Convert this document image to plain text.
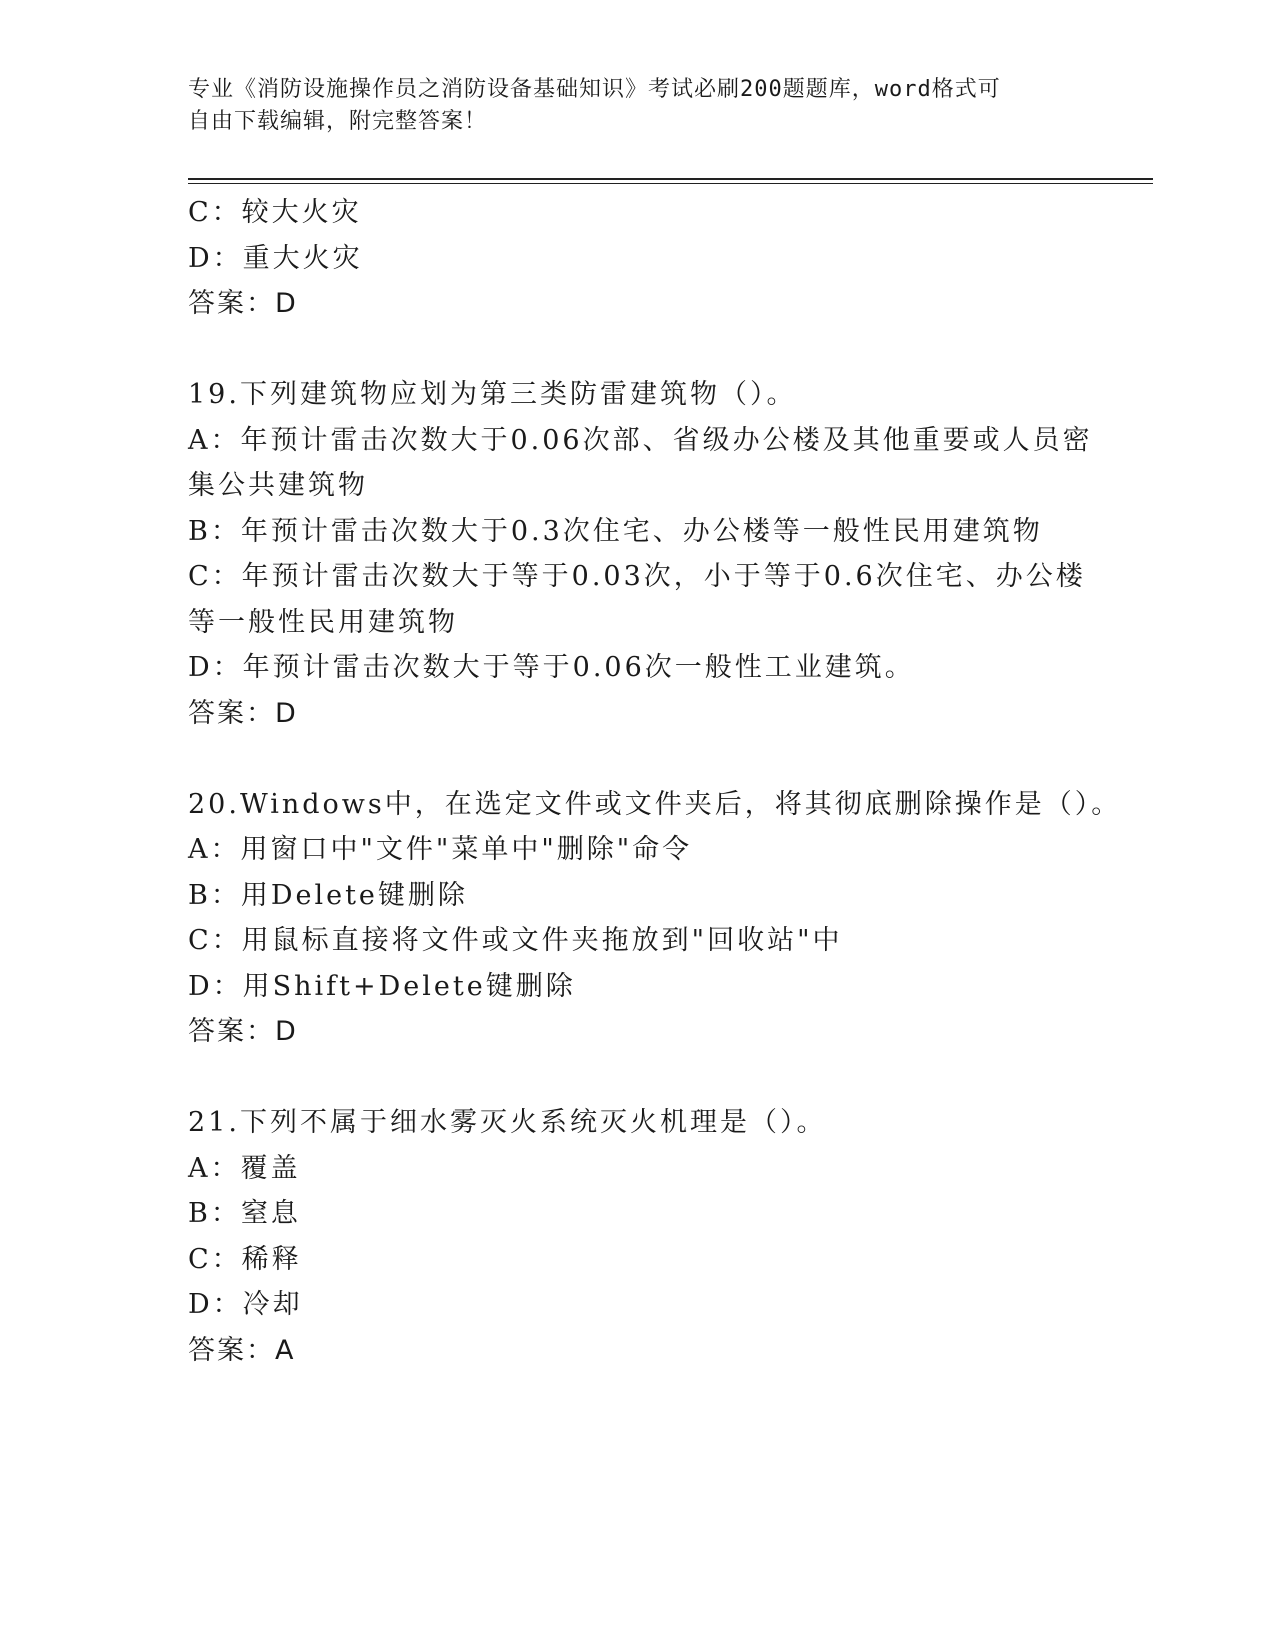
专业《消防设施操作员之消防设备基础知识》考试必刷200题题库，word格式可
自由下载编辑，附完整答案！
C：较大火灾
D：重大火灾
答案：D
19.下列建筑物应划为第三类防雷建筑物（）。
A：年预计雷击次数大于0.06次部、省级办公楼及其他重要或人员密
集公共建筑物
B：年预计雷击次数大于0.3次住宅、办公楼等一般性民用建筑物
C：年预计雷击次数大于等于0.03次，小于等于0.6次住宅、办公楼
等一般性民用建筑物
D：年预计雷击次数大于等于0.06次一般性工业建筑。
答案：D
20.Windows中，在选定文件或文件夹后，将其彻底删除操作是（）。
A：用窗口中"文件"菜单中"删除"命令
B：用Delete键删除
C：用鼠标直接将文件或文件夹拖放到"回收站"中
D：用Shift+Delete键删除
答案：D
21.下列不属于细水雾灭火系统灭火机理是（）。
A：覆盖
B：窒息
C：稀释
D：冷却
答案：A
